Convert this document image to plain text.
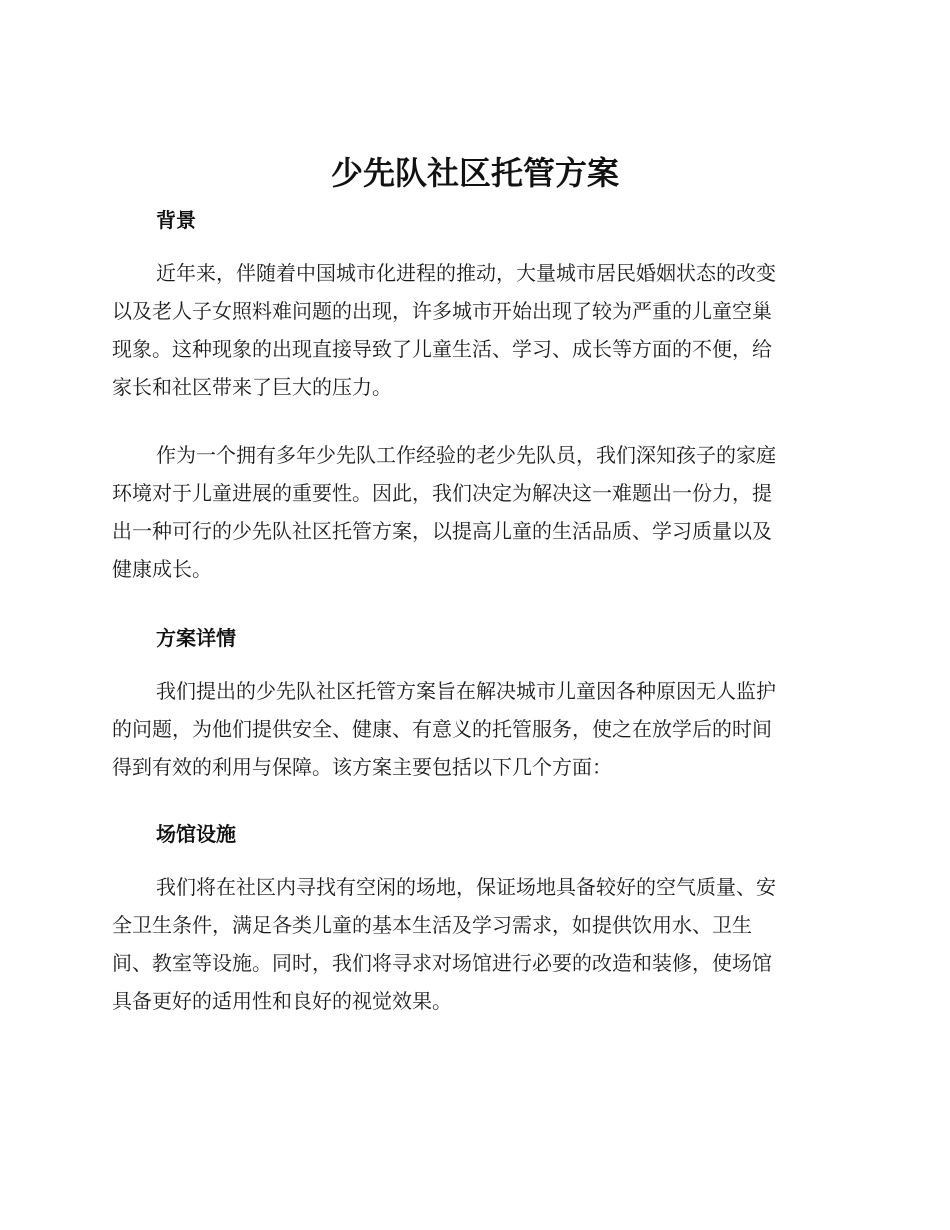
少先队社区托管方案
背景

近年来，伴随着中国城市化进程的推动，大量城市居民婚姻状态的改变
以及老人子女照料难问题的出现，许多城市开始出现了较为严重的儿童空巢
现象。这种现象的出现直接导致了儿童生活、学习、成长等方面的不便，给
家长和社区带来了巨大的压力。

作为一个拥有多年少先队工作经验的老少先队员，我们深知孩子的家庭
环境对于儿童进展的重要性。因此，我们决定为解决这一难题出一份力，提
出一种可行的少先队社区托管方案，以提高儿童的生活品质、学习质量以及
健康成长。

方案详情

我们提出的少先队社区托管方案旨在解决城市儿童因各种原因无人监护
的问题，为他们提供安全、健康、有意义的托管服务，使之在放学后的时间
得到有效的利用与保障。该方案主要包括以下几个方面：

场馆设施

我们将在社区内寻找有空闲的场地，保证场地具备较好的空气质量、安
全卫生条件，满足各类儿童的基本生活及学习需求，如提供饮用水、卫生
间、教室等设施。同时，我们将寻求对场馆进行必要的改造和装修，使场馆
具备更好的适用性和良好的视觉效果。
